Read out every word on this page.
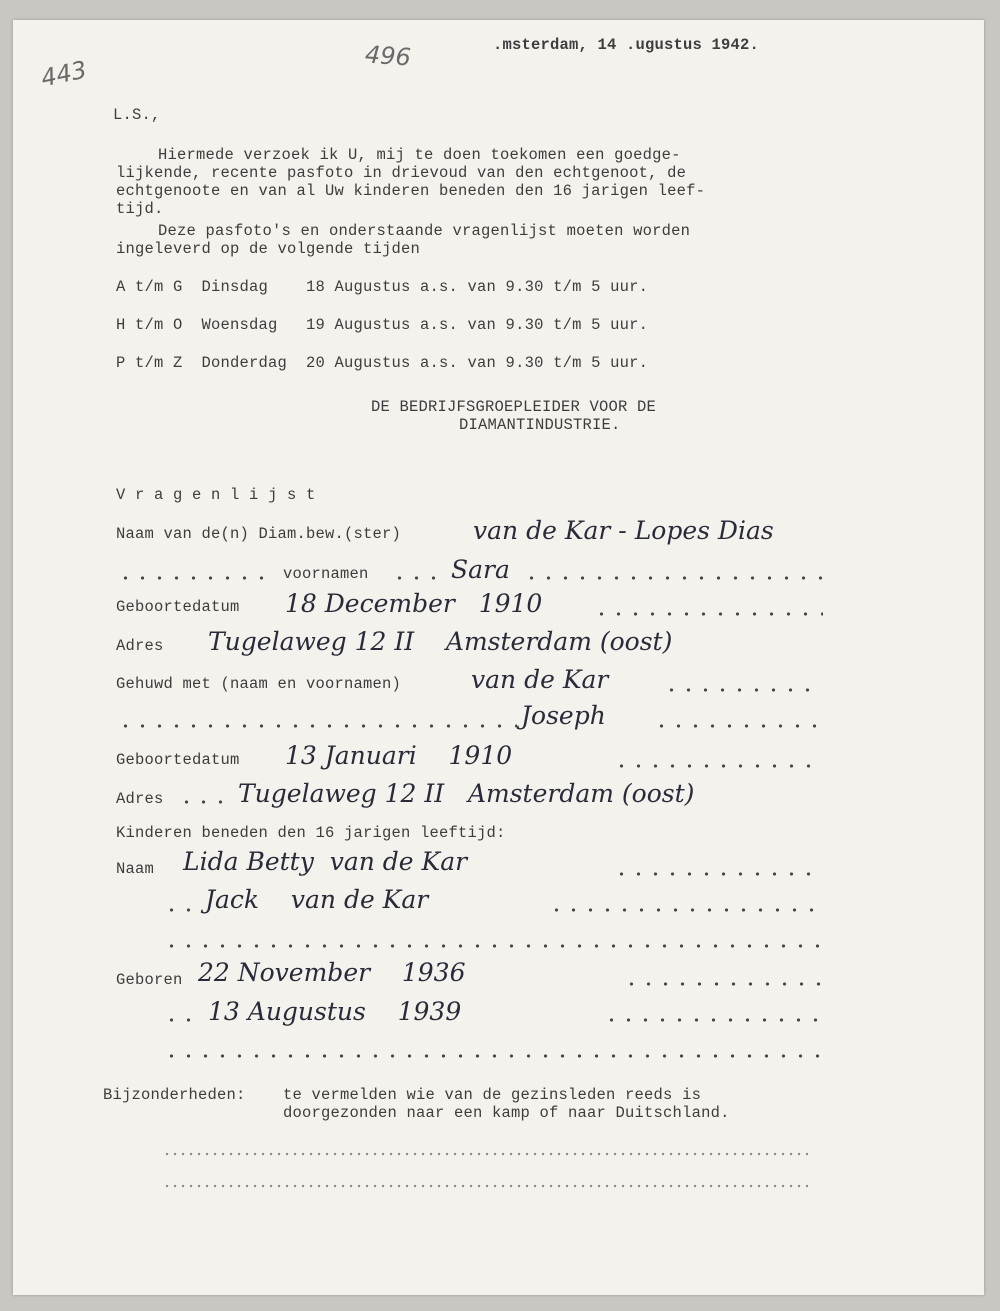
443	496	.msterdam, 14 .ugustus 1942.
L.S.,
Hiermede verzoek ik U, mij te doen toekomen een goedge-
lijkende, recente pasfoto in drievoud van den echtgenoot, de
echtgenoote en van al Uw kinderen beneden den 16 jarigen leef-
tijd.
Deze pasfoto's en onderstaande vragenlijst moeten worden
ingeleverd op de volgende tijden
A t/m G  Dinsdag    18 Augustus a.s. van 9.30 t/m 5 uur.
H t/m O  Woensdag   19 Augustus a.s. van 9.30 t/m 5 uur.
P t/m Z  Donderdag  20 Augustus a.s. van 9.30 t/m 5 uur.
DE BEDRIJFSGROEPLEIDER VOOR DE
DIAMANTINDUSTRIE.
V r a g e n l i j s t
Naam van de(n) Diam.bew.(ster)	van de Kar - Lopes Dias
voornamen	Sara
Geboortedatum 18 December   1910
Adres Tugelaweg 12 II    Amsterdam (oost)
Gehuwd met (naam en voornamen)	van de Kar
Joseph
Geboortedatum 13 Januari    1910
Adres	Tugelaweg 12 II   Amsterdam (oost)
Kinderen beneden den 16 jarigen leeftijd:
Naam Lida Betty  van de Kar
Jack    van de Kar
Geboren 22 November    1936
13 Augustus    1939
Bijzonderheden: te vermelden wie van de gezinsleden reeds is
doorgezonden naar een kamp of naar Duitschland.
